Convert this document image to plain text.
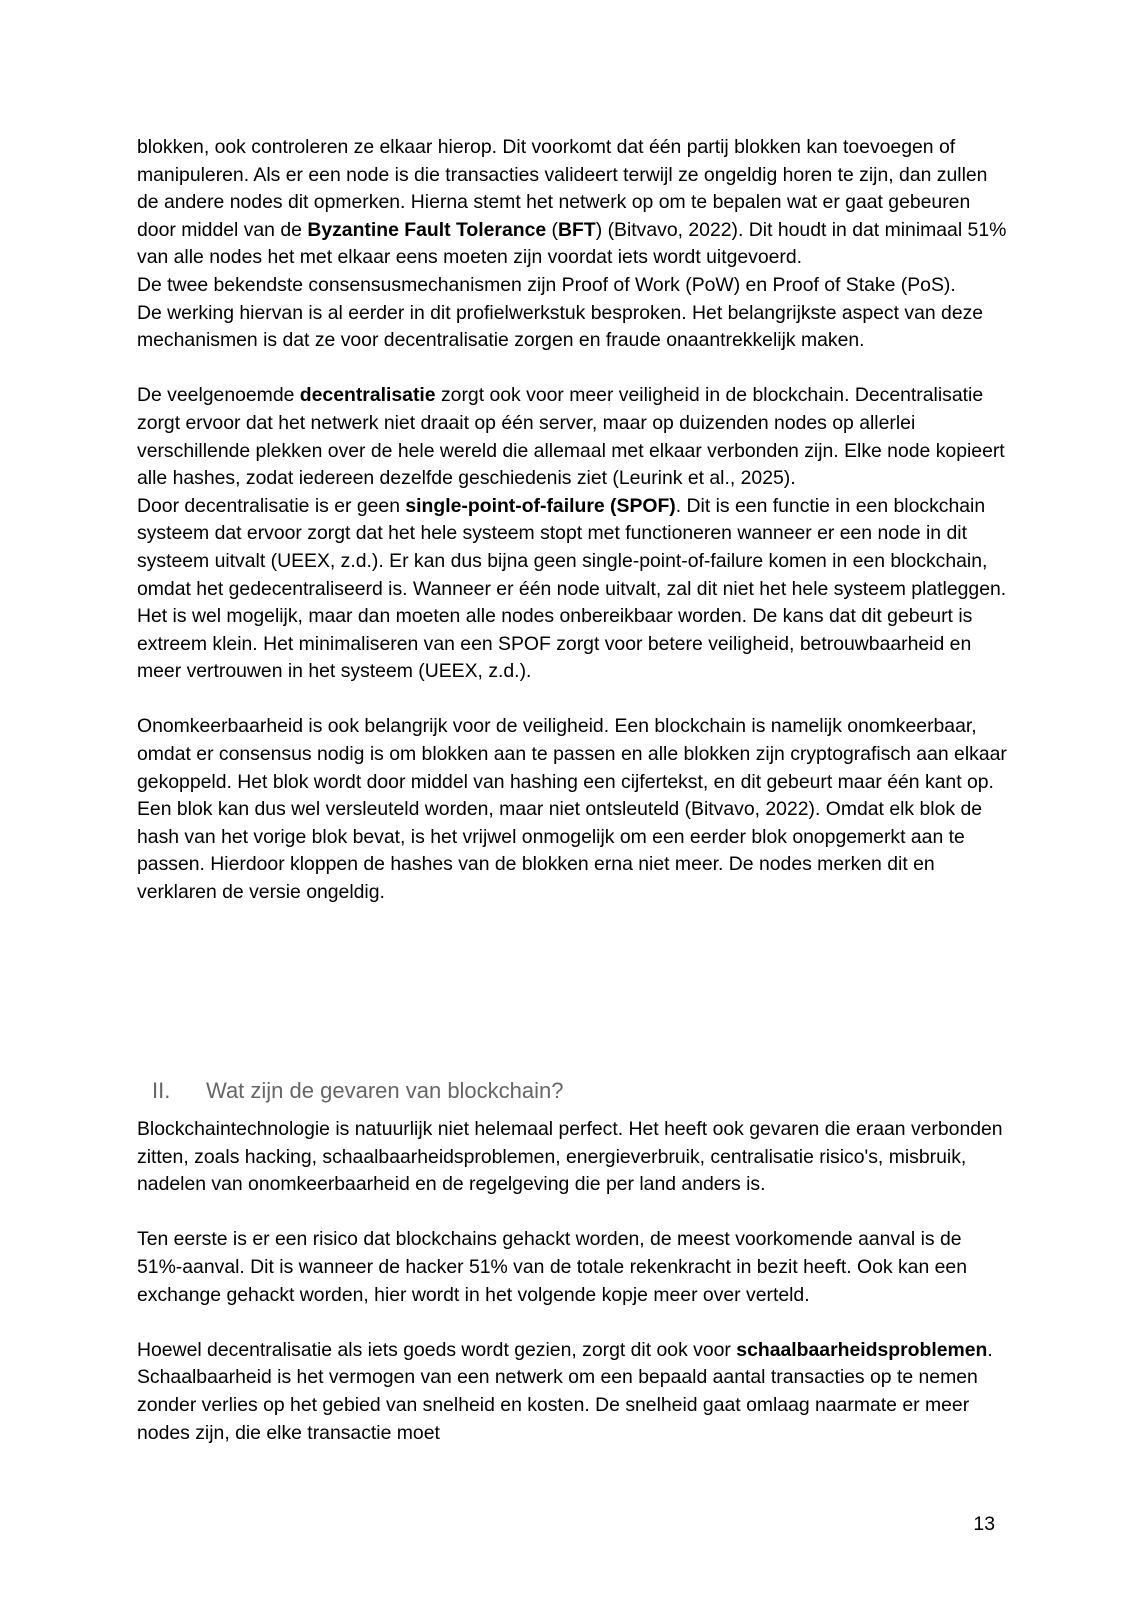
blokken, ook controleren ze elkaar hierop. Dit voorkomt dat één partij blokken kan toevoegen of manipuleren. Als er een node is die transacties valideert terwijl ze ongeldig horen te zijn, dan zullen de andere nodes dit opmerken. Hierna stemt het netwerk op om te bepalen wat er gaat gebeuren door middel van de Byzantine Fault Tolerance (BFT) (Bitvavo, 2022). Dit houdt in dat minimaal 51% van alle nodes het met elkaar eens moeten zijn voordat iets wordt uitgevoerd.

De twee bekendste consensusmechanismen zijn Proof of Work (PoW) en Proof of Stake (PoS).

De werking hiervan is al eerder in dit profielwerkstuk besproken. Het belangrijkste aspect van deze mechanismen is dat ze voor decentralisatie zorgen en fraude onaantrekkelijk maken.

De veelgenoemde decentralisatie zorgt ook voor meer veiligheid in de blockchain. Decentralisatie zorgt ervoor dat het netwerk niet draait op één server, maar op duizenden nodes op allerlei verschillende plekken over de hele wereld die allemaal met elkaar verbonden zijn. Elke node kopieert alle hashes, zodat iedereen dezelfde geschiedenis ziet (Leurink et al., 2025).

Door decentralisatie is er geen single-point-of-failure (SPOF). Dit is een functie in een blockchain systeem dat ervoor zorgt dat het hele systeem stopt met functioneren wanneer er een node in dit systeem uitvalt (UEEX, z.d.). Er kan dus bijna geen single-point-of-failure komen in een blockchain, omdat het gedecentraliseerd is. Wanneer er één node uitvalt, zal dit niet het hele systeem platleggen. Het is wel mogelijk, maar dan moeten alle nodes onbereikbaar worden. De kans dat dit gebeurt is extreem klein. Het minimaliseren van een SPOF zorgt voor betere veiligheid, betrouwbaarheid en meer vertrouwen in het systeem (UEEX, z.d.).

Onomkeerbaarheid is ook belangrijk voor de veiligheid. Een blockchain is namelijk onomkeerbaar, omdat er consensus nodig is om blokken aan te passen en alle blokken zijn cryptografisch aan elkaar gekoppeld. Het blok wordt door middel van hashing een cijfertekst, en dit gebeurt maar één kant op. Een blok kan dus wel versleuteld worden, maar niet ontsleuteld (Bitvavo, 2022). Omdat elk blok de hash van het vorige blok bevat, is het vrijwel onmogelijk om een eerder blok onopgemerkt aan te passen. Hierdoor kloppen de hashes van de blokken erna niet meer. De nodes merken dit en verklaren de versie ongeldig.

II. Wat zijn de gevaren van blockchain?

Blockchaintechnologie is natuurlijk niet helemaal perfect. Het heeft ook gevaren die eraan verbonden zitten, zoals hacking, schaalbaarheidsproblemen, energieverbruik, centralisatie risico's, misbruik, nadelen van onomkeerbaarheid en de regelgeving die per land anders is.

Ten eerste is er een risico dat blockchains gehackt worden, de meest voorkomende aanval is de 51%-aanval. Dit is wanneer de hacker 51% van de totale rekenkracht in bezit heeft. Ook kan een exchange gehackt worden, hier wordt in het volgende kopje meer over verteld.

Hoewel decentralisatie als iets goeds wordt gezien, zorgt dit ook voor schaalbaarheidsproblemen. Schaalbaarheid is het vermogen van een netwerk om een bepaald aantal transacties op te nemen zonder verlies op het gebied van snelheid en kosten. De snelheid gaat omlaag naarmate er meer nodes zijn, die elke transactie moet

13
